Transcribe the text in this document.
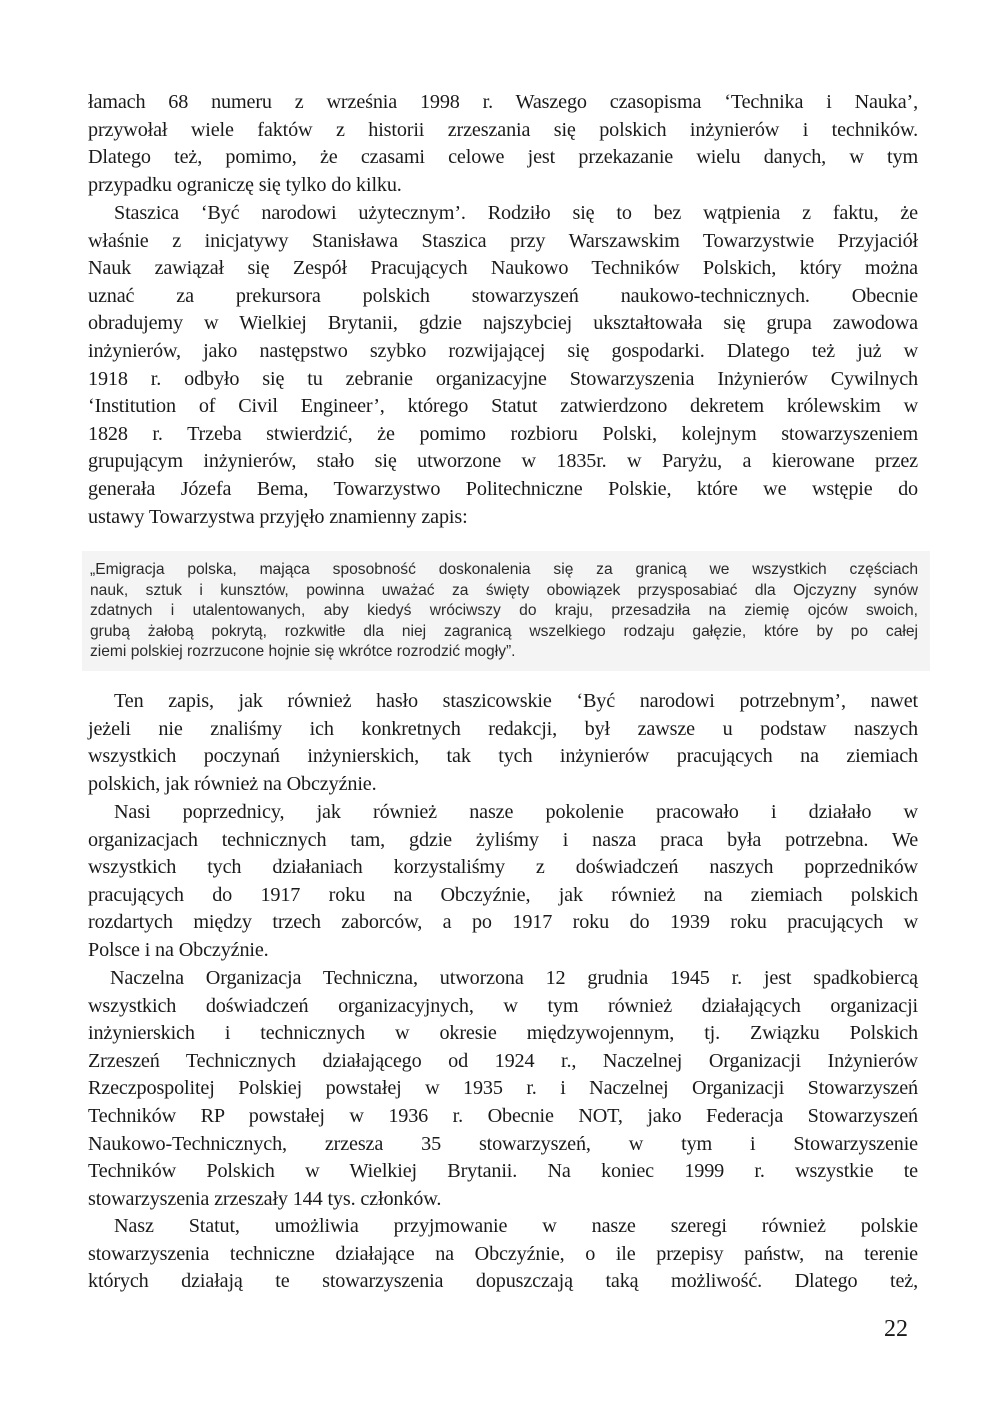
łamach 68 numeru z września 1998 r. Waszego czasopisma ‘Technika i Nauka’,
przywołał wiele faktów z historii zrzeszania się polskich inżynierów i techników.
Dlatego też, pomimo, że czasami celowe jest przekazanie wielu danych, w tym
przypadku ograniczę się tylko do kilku.

Staszica ‘Być narodowi użytecznym’. Rodziło się to bez wątpienia z faktu, że
właśnie z inicjatywy Stanisława Staszica przy Warszawskim Towarzystwie Przyjaciół
Nauk zawiązał się Zespół Pracujących Naukowo Techników Polskich, który można
uznać za prekursora polskich stowarzyszeń naukowo-technicznych. Obecnie
obradujemy w Wielkiej Brytanii, gdzie najszybciej ukształtowała się grupa zawodowa
inżynierów, jako następstwo szybko rozwijającej się gospodarki. Dlatego też już w
1918 r. odbyło się tu zebranie organizacyjne Stowarzyszenia Inżynierów Cywilnych
‘Institution of Civil Engineer’, którego Statut zatwierdzono dekretem królewskim w
1828 r. Trzeba stwierdzić, że pomimo rozbioru Polski, kolejnym stowarzyszeniem
grupującym inżynierów, stało się utworzone w 1835r. w Paryżu, a kierowane przez
generała Józefa Bema, Towarzystwo Politechniczne Polskie, które we wstępie do
ustawy Towarzystwa przyjęło znamienny zapis:

„Emigracja polska, mająca sposobność doskonalenia się za granicą we wszystkich częściach
nauk, sztuk i kunsztów, powinna uważać za święty obowiązek przysposabiać dla Ojczyzny synów
zdatnych i utalentowanych, aby kiedyś wróciwszy do kraju, przesadziła na ziemię ojców swoich,
grubą żałobą pokrytą, rozkwitłe dla niej zagranicą wszelkiego rodzaju gałęzie, które by po całej
ziemi polskiej rozrzucone hojnie się wkrótce rozrodzić mogły”.

Ten zapis, jak również hasło staszicowskie ‘Być narodowi potrzebnym’, nawet
jeżeli nie znaliśmy ich konkretnych redakcji, był zawsze u podstaw naszych
wszystkich poczynań inżynierskich, tak tych inżynierów pracujących na ziemiach
polskich, jak również na Obczyźnie.

Nasi poprzednicy, jak również nasze pokolenie pracowało i działało w
organizacjach technicznych tam, gdzie żyliśmy i nasza praca była potrzebna. We
wszystkich tych działaniach korzystaliśmy z doświadczeń naszych poprzedników
pracujących do 1917 roku na Obczyźnie, jak również na ziemiach polskich
rozdartych między trzech zaborców, a po 1917 roku do 1939 roku pracujących w
Polsce i na Obczyźnie.

Naczelna Organizacja Techniczna, utworzona 12 grudnia 1945 r. jest spadkobiercą
wszystkich doświadczeń organizacyjnych, w tym również działających organizacji
inżynierskich i technicznych w okresie międzywojennym, tj. Związku Polskich
Zrzeszeń Technicznych działającego od 1924 r., Naczelnej Organizacji Inżynierów
Rzeczpospolitej Polskiej powstałej w 1935 r. i Naczelnej Organizacji Stowarzyszeń
Techników RP powstałej w 1936 r. Obecnie NOT, jako Federacja Stowarzyszeń
Naukowo-Technicznych, zrzesza 35 stowarzyszeń, w tym i Stowarzyszenie
Techników Polskich w Wielkiej Brytanii. Na koniec 1999 r. wszystkie te
stowarzyszenia zrzeszały 144 tys. członków.

Nasz Statut, umożliwia przyjmowanie w nasze szeregi również polskie
stowarzyszenia techniczne działające na Obczyźnie, o ile przepisy państw, na terenie
których działają te stowarzyszenia dopuszczają taką możliwość. Dlatego też,

22
